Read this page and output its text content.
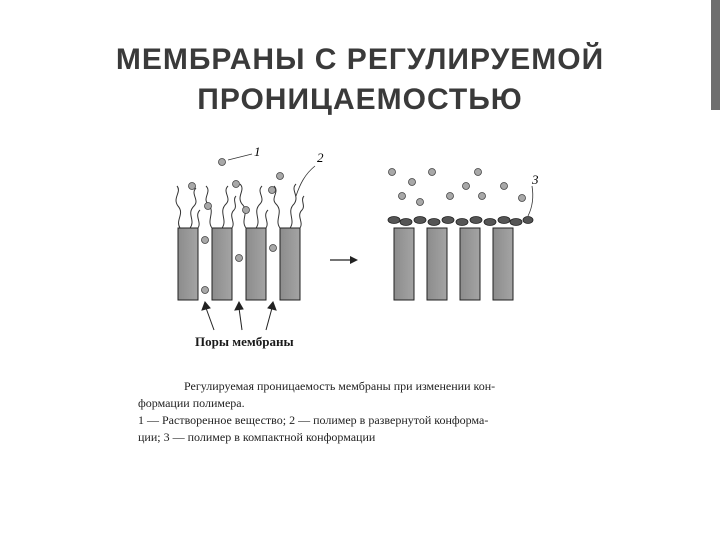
МЕМБРАНЫ С РЕГУЛИРУЕМОЙ
ПРОНИЦАЕМОСТЬЮ
1	2
3
Поры мембраны

Регулируемая проницаемость мембраны при изменении кон-

формации полимера.

1 — Растворенное вещество; 2 — полимер в развернутой конформа-

ции; 3 — полимер в компактной конформации
